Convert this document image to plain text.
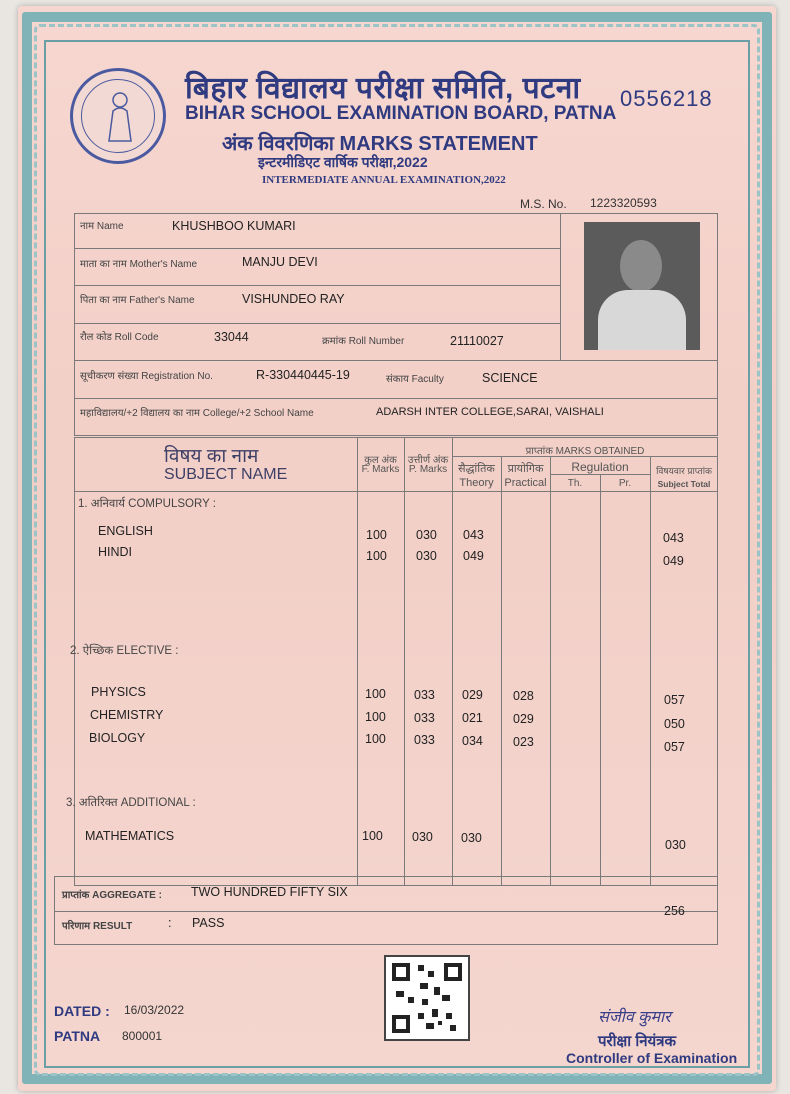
बिहार विद्यालय परीक्षा समिति, पटना
BIHAR SCHOOL EXAMINATION BOARD, PATNA
0556218
अंक विवरणिका MARKS STATEMENT
इन्टरमीडिएट वार्षिक परीक्षा,2022
INTERMEDIATE ANNUAL EXAMINATION,2022
M.S. No. 1223320593
नाम Name	KHUSHBOO KUMARI
माता का नाम Mother's Name	MANJU DEVI
पिता का नाम Father's Name	VISHUNDEO RAY
रौल कोड Roll Code	33044	क्रमांक Roll Number	21110027
सूचीकरण संख्या Registration No.	R-330440445-19	संकाय Faculty	SCIENCE
महाविद्यालय/+2 विद्यालय का नाम College/+2 School Name	ADARSH INTER COLLEGE,SARAI, VAISHALI
विषय का नाम
SUBJECT NAME
कुल अंक
F. Marks
उत्तीर्ण अंक
P. Marks
प्राप्तांक MARKS OBTAINED
सैद्धांतिक
Theory
प्रायोगिक
Practical
Regulation
Th.	Pr.
विषयवार प्राप्तांक
Subject Total
1. अनिवार्य COMPULSORY :
ENGLISH	100 030 043	043
HINDI	100 030 049	049
2. ऐच्छिक ELECTIVE :
PHYSICS	100 033 029 028	057
CHEMISTRY	100 033 021 029	050
BIOLOGY	100 033 034 023	057
3. अतिरिक्त ADDITIONAL :
MATHEMATICS	100 030 030	030
प्राप्तांक AGGREGATE : TWO HUNDRED FIFTY SIX
256
परिणाम RESULT	: PASS
DATED : 16/03/2022
PATNA 800001
संजीव कुमार
परीक्षा नियंत्रक
Controller of Examination
